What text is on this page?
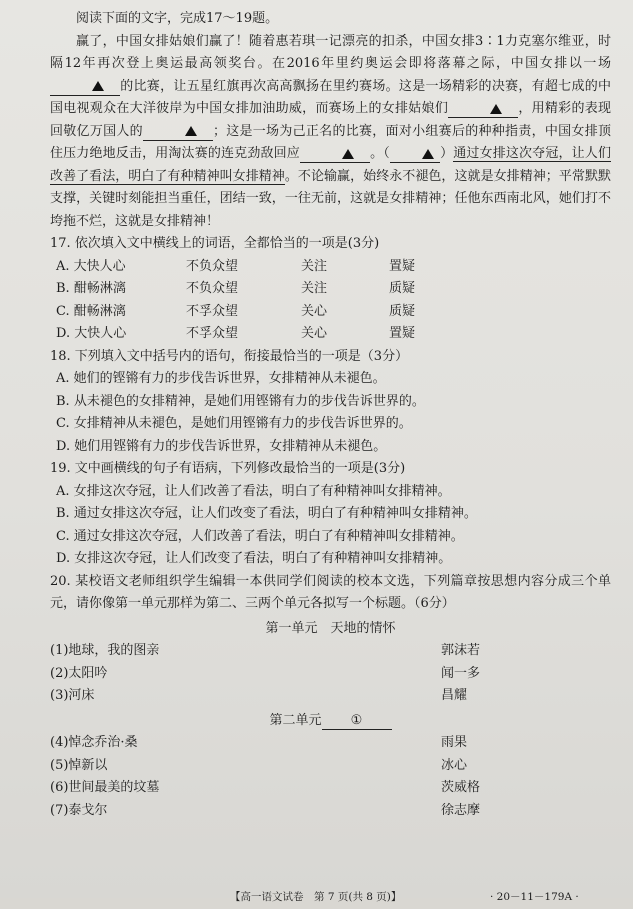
阅读下面的文字，完成17～19题。

赢了，中国女排姑娘们赢了！随着惠若琪一记漂亮的扣杀，中国女排3∶1力克塞尔维亚，时隔12年再次登上奥运最高领奖台。在2016年里约奥运会即将落幕之际，中国女排以一场的比赛，让五星红旗再次高高飘扬在里约赛场。这是一场精彩的决赛，有超七成的中国电视观众在大洋彼岸为中国女排加油助威，而赛场上的女排姑娘们	，用精彩的表现回敬亿万国人的	；这是一场为己正名的比赛，面对小组赛后的种种指责，中国女排顶住压力绝地反击，用淘汰赛的连克劲敌回应	。（	）通过女排这次夺冠，让人们改善了看法，明白了有种精神叫女排精神。不论输赢，始终永不褪色，这就是女排精神；平常默默支撑，关键时刻能担当重任，团结一致，一往无前，这就是女排精神；任他东西南北风，她们打不垮拖不烂，这就是女排精神！

17. 依次填入文中横线上的词语，全都恰当的一项是(3分)

A. 大快人心	不负众望	关注	置疑
B. 酣畅淋漓	不负众望	关注	质疑
C. 酣畅淋漓	不孚众望	关心	质疑
D. 大快人心	不孚众望	关心	置疑

18. 下列填入文中括号内的语句，衔接最恰当的一项是（3分）

A. 她们的铿锵有力的步伐告诉世界，女排精神从未褪色。

B. 从未褪色的女排精神，是她们用铿锵有力的步伐告诉世界的。

C. 女排精神从未褪色，是她们用铿锵有力的步伐告诉世界的。

D. 她们用铿锵有力的步伐告诉世界，女排精神从未褪色。

19. 文中画横线的句子有语病，下列修改最恰当的一项是(3分)

A. 女排这次夺冠，让人们改善了看法，明白了有种精神叫女排精神。

B. 通过女排这次夺冠，让人们改变了看法，明白了有种精神叫女排精神。

C. 通过女排这次夺冠，人们改善了看法，明白了有种精神叫女排精神。

D. 女排这次夺冠，让人们改变了看法，明白了有种精神叫女排精神。

20. 某校语文老师组织学生编辑一本供同学们阅读的校本文选，下列篇章按思想内容分成三个单元，请你像第一单元那样为第二、三两个单元各拟写一个标题。（6分）

第一单元　天地的情怀

(1)地球，我的图亲	郭沫若
(2)太阳吟	闻一多
(3)河床	昌耀

第二单元 ①

(4)悼念乔治·桑	雨果
(5)悼新以	冰心
(6)世间最美的坟墓	茨威格
(7)泰戈尔	徐志摩
【高一语文试卷　第 7 页(共 8 页)】	· 20－11－179A ·
